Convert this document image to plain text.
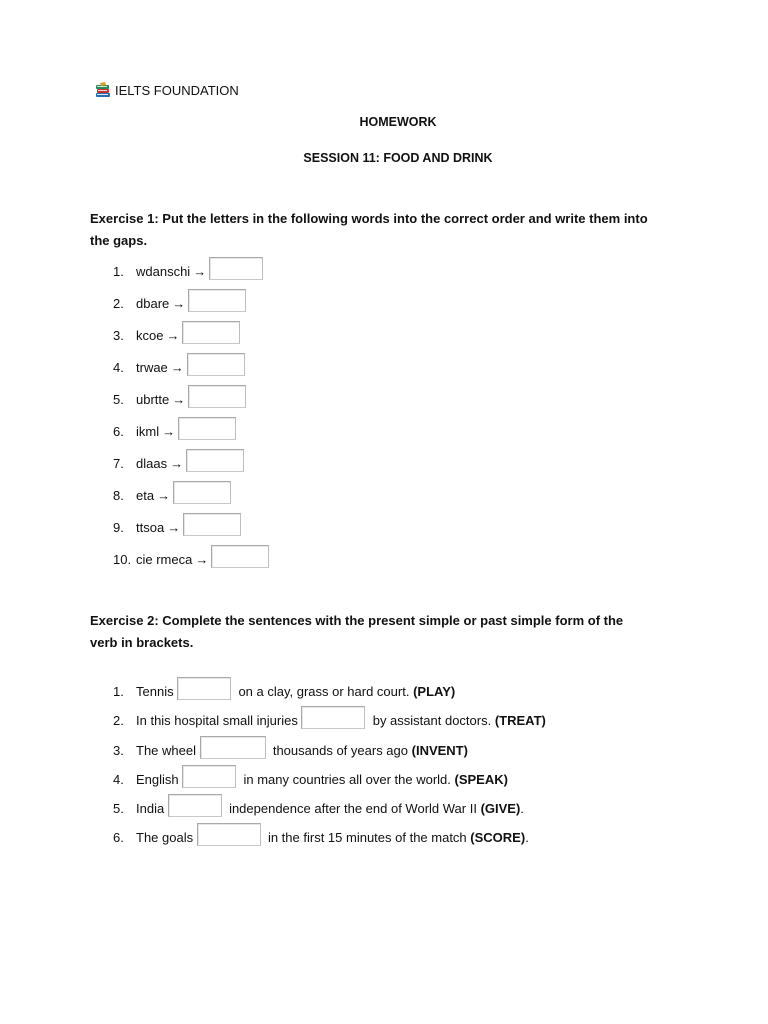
IELTS FOUNDATION
HOMEWORK
SESSION 11: FOOD AND DRINK
Exercise 1: Put the letters in the following words into the correct order and write them into the gaps.
1. wdanschi →
2. dbare →
3. kcoe →
4. trwae →
5. ubrtte →
6. ikml →
7. dlaas →
8. eta →
9. ttsoa →
10. cie rmeca →
Exercise 2: Complete the sentences with the present simple or past simple form of the verb in brackets.
1. Tennis

	on a clay, grass or hard court.
(PLAY)
2. In this hospital small injuries

	by assistant doctors.
(TREAT)
3. The wheel

	thousands of years ago
(INVENT)
4. English

	in many countries all over the world.
(SPEAK)
5. India

	independence after the end of World War II
(GIVE) .
6. The goals

	in the first 15 minutes of the match
(SCORE) .
